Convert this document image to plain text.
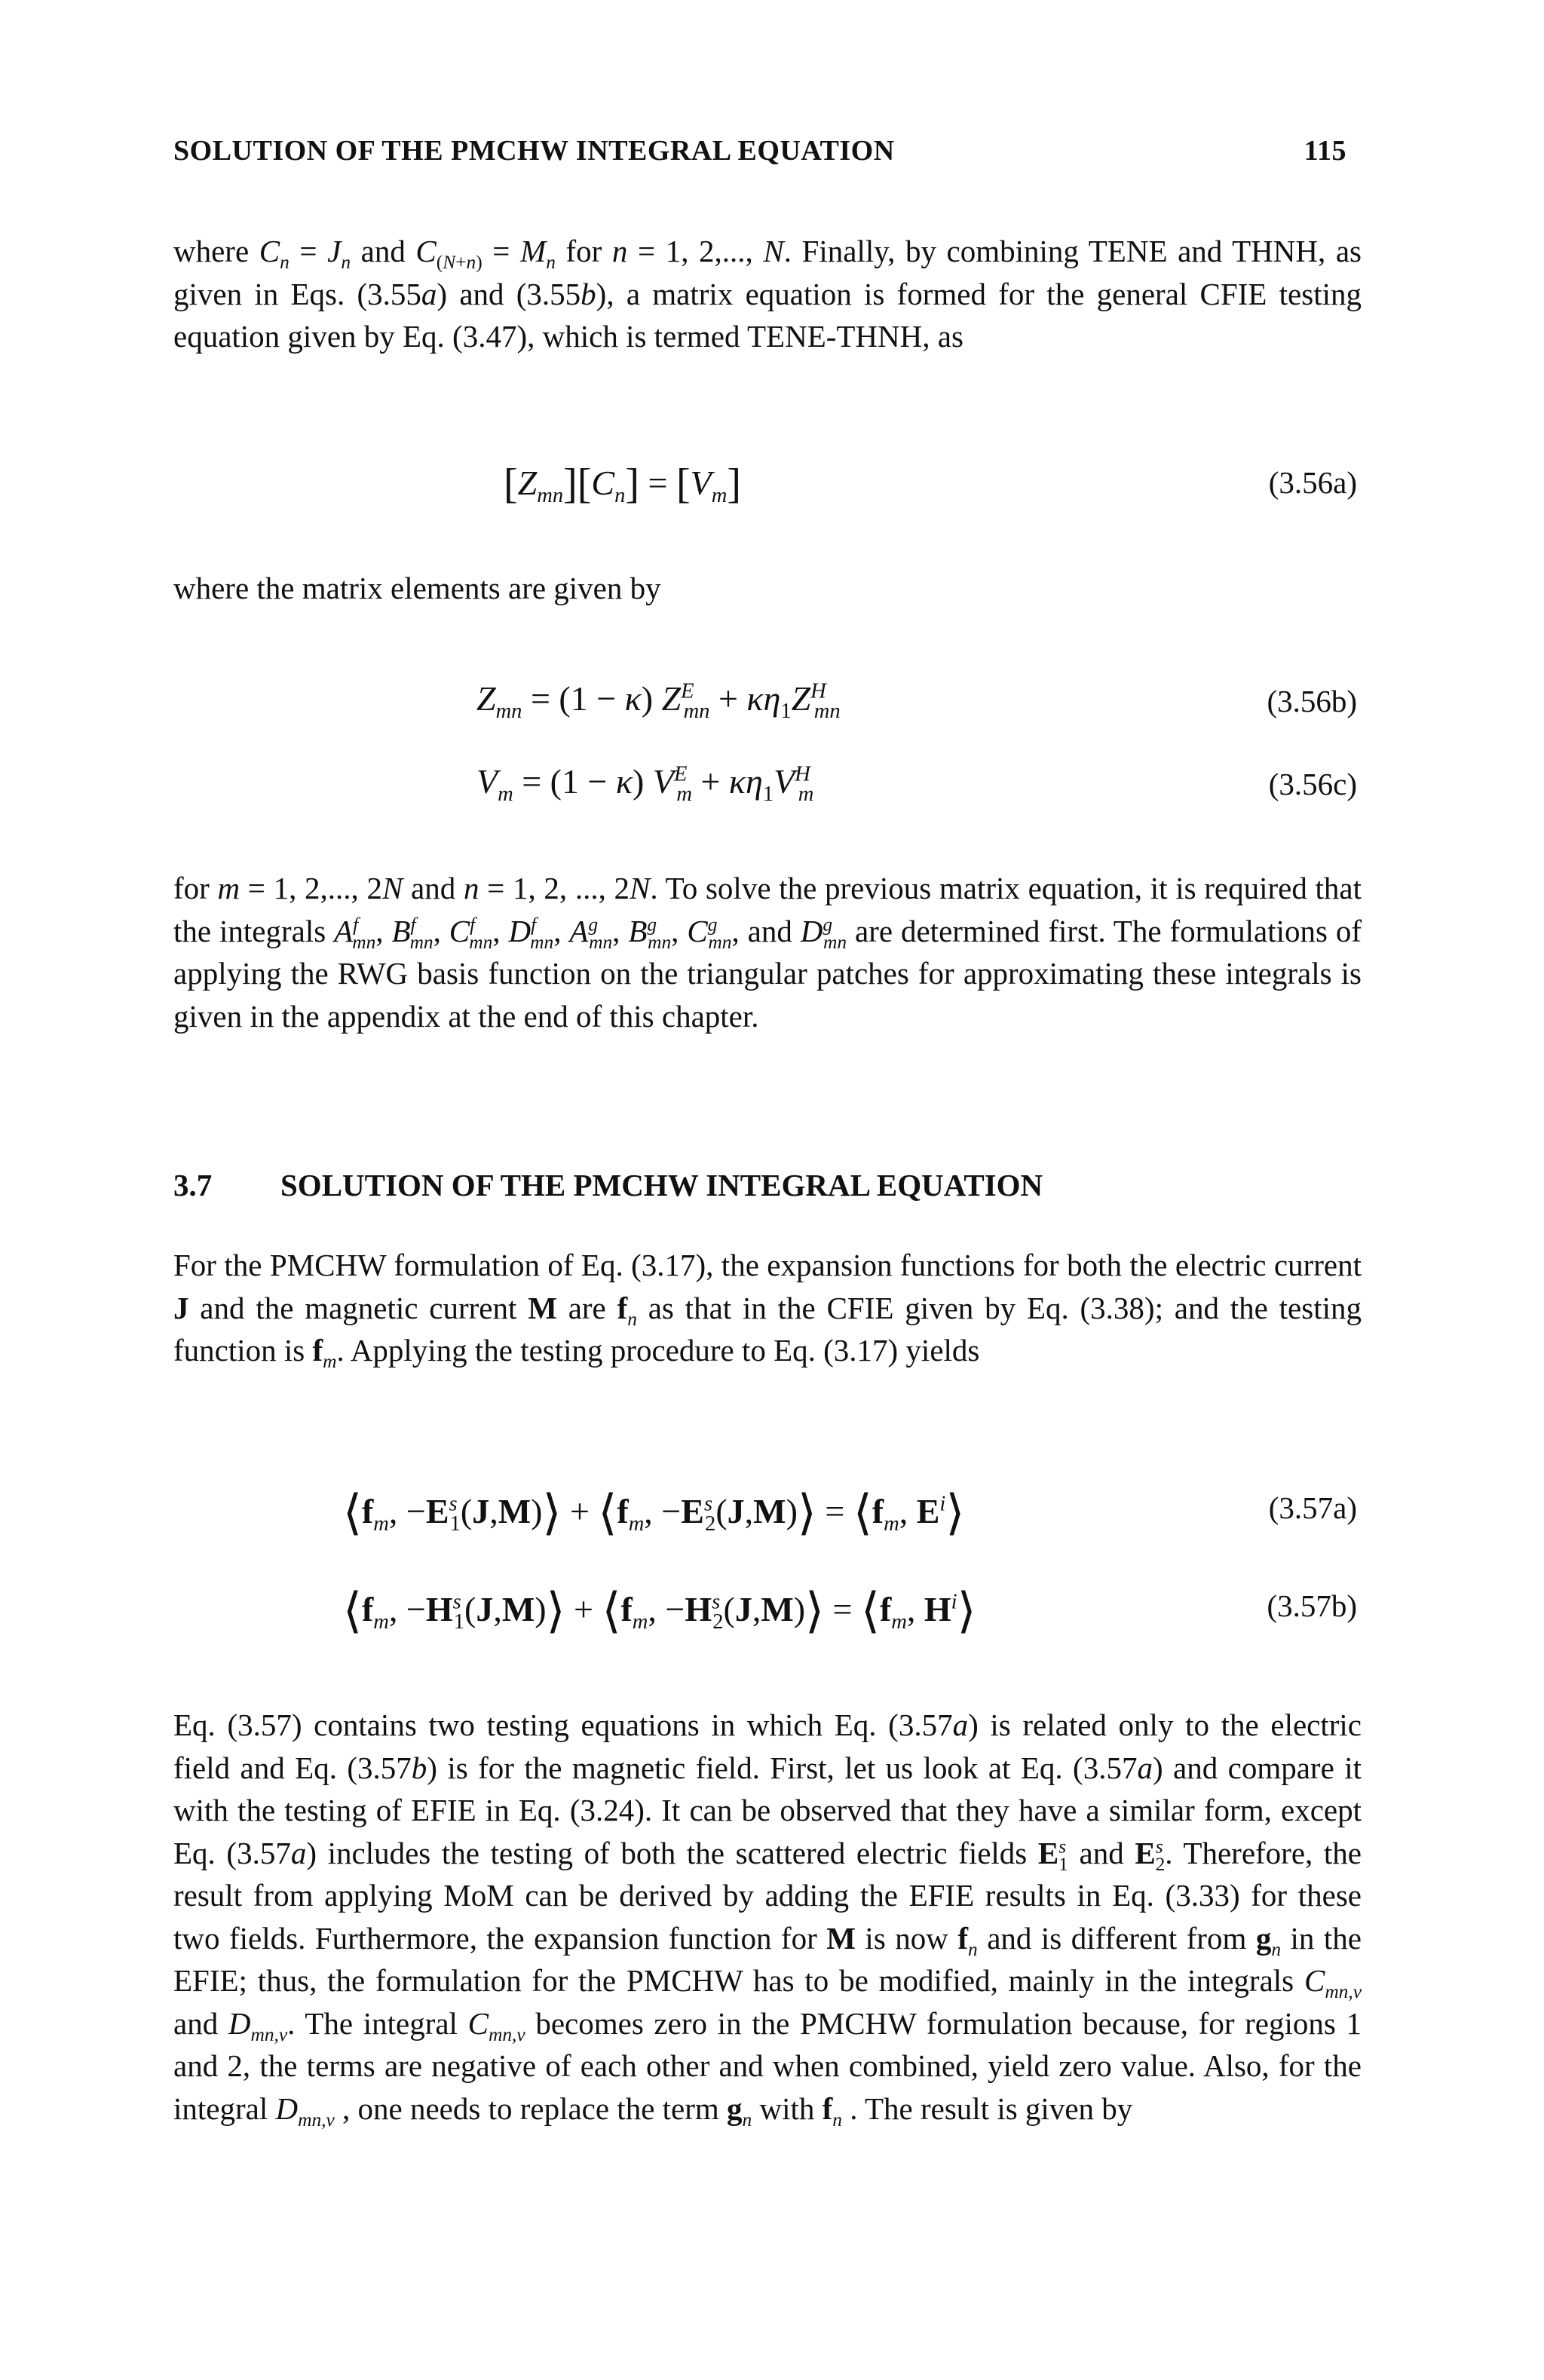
SOLUTION OF THE PMCHW INTEGRAL EQUATION	115

where $C_n = J_n$ and $C_{(N+n)} = M_n$ for n = 1, 2,..., N. Finally, by combining TENE and THNH, as given in Eqs. (3.55a) and (3.55b), a matrix equation is formed for the general CFIE testing equation given by Eq. (3.47), which is termed TENE-THNH, as

$[Z_{mn}][C_n] = [V_m]$	(3.56a)

where the matrix elements are given by

$Z_{mn} = (1 - \kappa) Z^E_{mn} + \kappa\eta_1Z^H_{mn}$	(3.56b)
$V_m = (1 - \kappa) V^E_m + \kappa\eta_1V^H_m$	(3.56c)

for m = 1, 2,..., 2N and n = 1, 2, ..., 2N. To solve the previous matrix equation, it is required that the integrals $A^f_{mn}$, $B^f_{mn}$, $C^f_{mn}$, $D^f_{mn}$, $A^g_{mn}$, $B^g_{mn}$, $C^g_{mn}$, and $D^g_{mn}$ are determined first. The formulations of applying the RWG basis function on the triangular patches for approximating these integrals is given in the appendix at the end of this chapter.

3.7 SOLUTION OF THE PMCHW INTEGRAL EQUATION

For the PMCHW formulation of Eq. (3.17), the expansion functions for both the electric current J and the magnetic current M are $f_n$ as that in the CFIE given by Eq. (3.38); and the testing function is $f_m$. Applying the testing procedure to Eq. (3.17) yields

$⟨f_m$, $-E^s_1(J,M)⟩$ + $⟨f_m$, $-E^s_2(J,M)⟩$ = $⟨f_m$, $E^i⟩$	(3.57a)
$⟨f_m$, $-H^s_1(J,M)⟩$ + $⟨f_m$, $-H^s_2(J,M)⟩$ = $⟨f_m$, $H^i⟩$	(3.57b)

Eq. (3.57) contains two testing equations in which Eq. (3.57a) is related only to the electric field and Eq. (3.57b) is for the magnetic field. First, let us look at Eq. (3.57a) and compare it with the testing of EFIE in Eq. (3.24). It can be observed that they have a similar form, except Eq. (3.57a) includes the testing of both the scattered electric fields $E^s_1$ and $E^s_2$. Therefore, the result from applying MoM can be derived by adding the EFIE results in Eq. (3.33) for these two fields. Furthermore, the expansion function for M is now $f_n$ and is different from $g_n$ in the EFIE; thus, the formulation for the PMCHW has to be modified, mainly in the integrals $C_{mn,v}$ and $D_{mn,v}$. The integral $C_{mn,v}$ becomes zero in the PMCHW formulation because, for regions 1 and 2, the terms are negative of each other and when combined, yield zero value. Also, for the integral $D_{mn,v}$ , one needs to replace the term $g_n$ with $f_n$ . The result is given by
